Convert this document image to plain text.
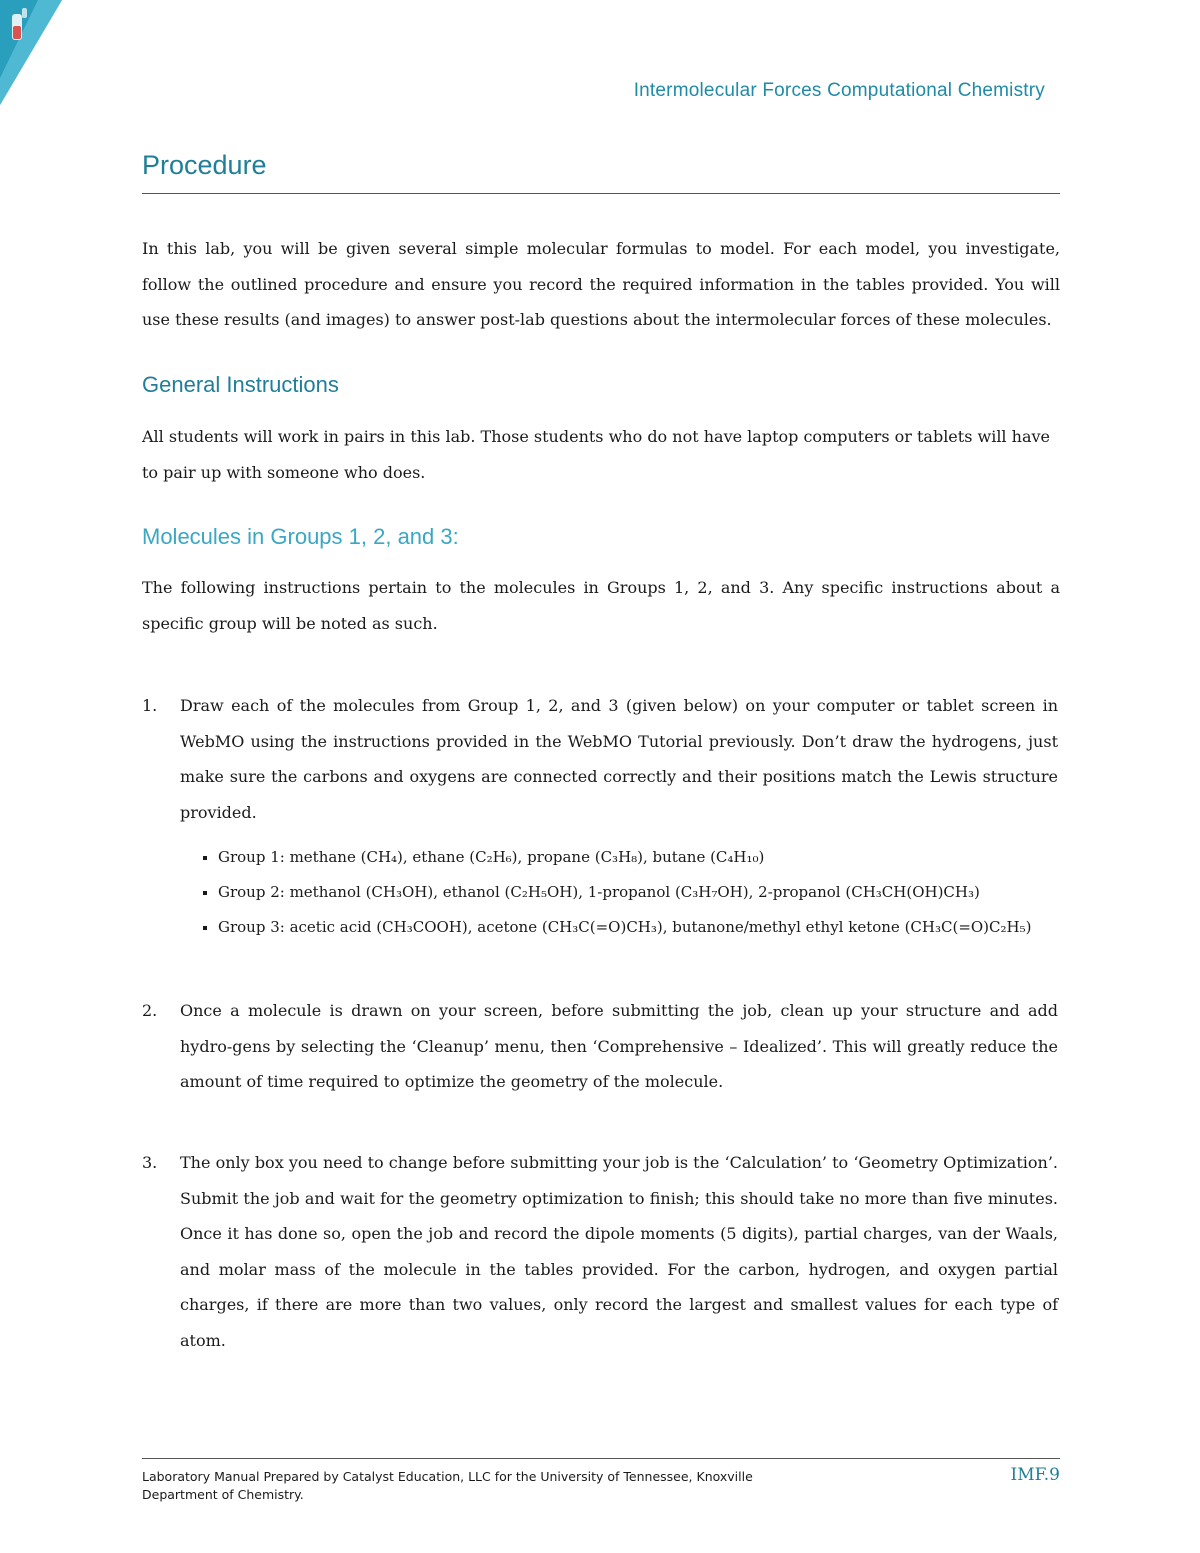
Intermolecular Forces Computational Chemistry
Procedure

In this lab, you will be given several simple molecular formulas to model. For each model, you investigate, follow the outlined procedure and ensure you record the required information in the tables provided. You will use these results (and images) to answer post-lab questions about the intermolecular forces of these molecules.

General Instructions

All students will work in pairs in this lab. Those students who do not have laptop computers or tablets will have to pair up with someone who does.

Molecules in Groups 1, 2, and 3:

The following instructions pertain to the molecules in Groups 1, 2, and 3. Any specific instructions about a specific group will be noted as such.

1. Draw each of the molecules from Group 1, 2, and 3 (given below) on your computer or tablet screen in WebMO using the instructions provided in the WebMO Tutorial previously. Don’t draw the hydrogens, just make sure the carbons and oxygens are connected correctly and their positions match the Lewis structure provided.
Group 1: methane (CH₄), ethane (C₂H₆), propane (C₃H₈), butane (C₄H₁₀)
Group 2: methanol (CH₃OH), ethanol (C₂H₅OH), 1-propanol (C₃H₇OH), 2-propanol (CH₃CH(OH)CH₃)
Group 3: acetic acid (CH₃COOH), acetone (CH₃C(=O)CH₃), butanone/methyl ethyl ketone (CH₃C(=O)C₂H₅)
2. Once a molecule is drawn on your screen, before submitting the job, clean up your structure and add hydro-gens by selecting the ‘Cleanup’ menu, then ‘Comprehensive – Idealized’. This will greatly reduce the amount of time required to optimize the geometry of the molecule.
3. The only box you need to change before submitting your job is the ‘Calculation’ to ‘Geometry Optimization’. Submit the job and wait for the geometry optimization to finish; this should take no more than five minutes. Once it has done so, open the job and record the dipole moments (5 digits), partial charges, van der Waals, and molar mass of the molecule in the tables provided. For the carbon, hydrogen, and oxygen partial charges, if there are more than two values, only record the largest and smallest values for each type of atom.
Laboratory Manual Prepared by Catalyst Education, LLC for the University of Tennessee, Knoxville
Department of Chemistry.
IMF.9
